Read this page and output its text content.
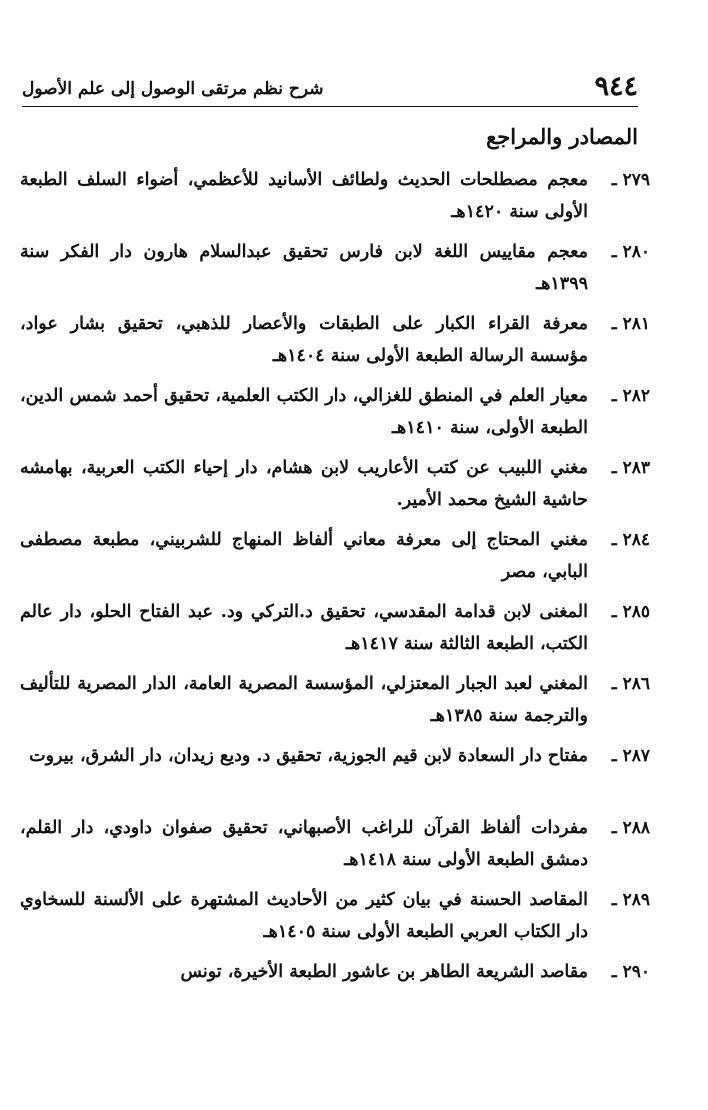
٩٤٤
شرح نظم مرتقى الوصول إلى علم الأصول
المصادر والمراجع
٢٧٩ ـ
معجم مصطلحات الحديث ولطائف الأسانيد للأعظمي، أضواء السلف الطبعة الأولى سنة ١٤٢٠هـ
٢٨٠ ـ
معجم مقاييس اللغة لابن فارس تحقيق عبدالسلام هارون دار الفكر سنة ١٣٩٩هـ
٢٨١ ـ
معرفة القراء الكبار على الطبقات والأعصار للذهبي، تحقيق بشار عواد، مؤسسة الرسالة الطبعة الأولى سنة ١٤٠٤هـ
٢٨٢ ـ
معيار العلم في المنطق للغزالي، دار الكتب العلمية، تحقيق أحمد شمس الدين، الطبعة الأولى، سنة ١٤١٠هـ
٢٨٣ ـ
مغني اللبيب عن كتب الأعاريب لابن هشام، دار إحياء الكتب العربية، بهامشه حاشية الشيخ محمد الأمير.
٢٨٤ ـ
مغني المحتاج إلى معرفة معاني ألفاظ المنهاج للشربيني، مطبعة مصطفى البابي، مصر
٢٨٥ ـ
المغنى لابن قدامة المقدسي، تحقيق د.التركي ود. عبد الفتاح الحلو، دار عالم الكتب، الطبعة الثالثة سنة ١٤١٧هـ
٢٨٦ ـ
المغني لعبد الجبار المعتزلي، المؤسسة المصرية العامة، الدار المصرية للتأليف والترجمة سنة ١٣٨٥هـ
٢٨٧ ـ
مفتاح دار السعادة لابن قيم الجوزية، تحقيق د. وديع زيدان، دار الشرق، بيروت
٢٨٨ ـ
مفردات ألفاظ القرآن للراغب الأصبهاني، تحقيق صفوان داودي، دار القلم، دمشق الطبعة الأولى سنة ١٤١٨هـ
٢٨٩ ـ
المقاصد الحسنة في بيان كثير من الأحاديث المشتهرة على الألسنة للسخاوي دار الكتاب العربي الطبعة الأولى سنة ١٤٠٥هـ
٢٩٠ ـ
مقاصد الشريعة الطاهر بن عاشور الطبعة الأخيرة، تونس
